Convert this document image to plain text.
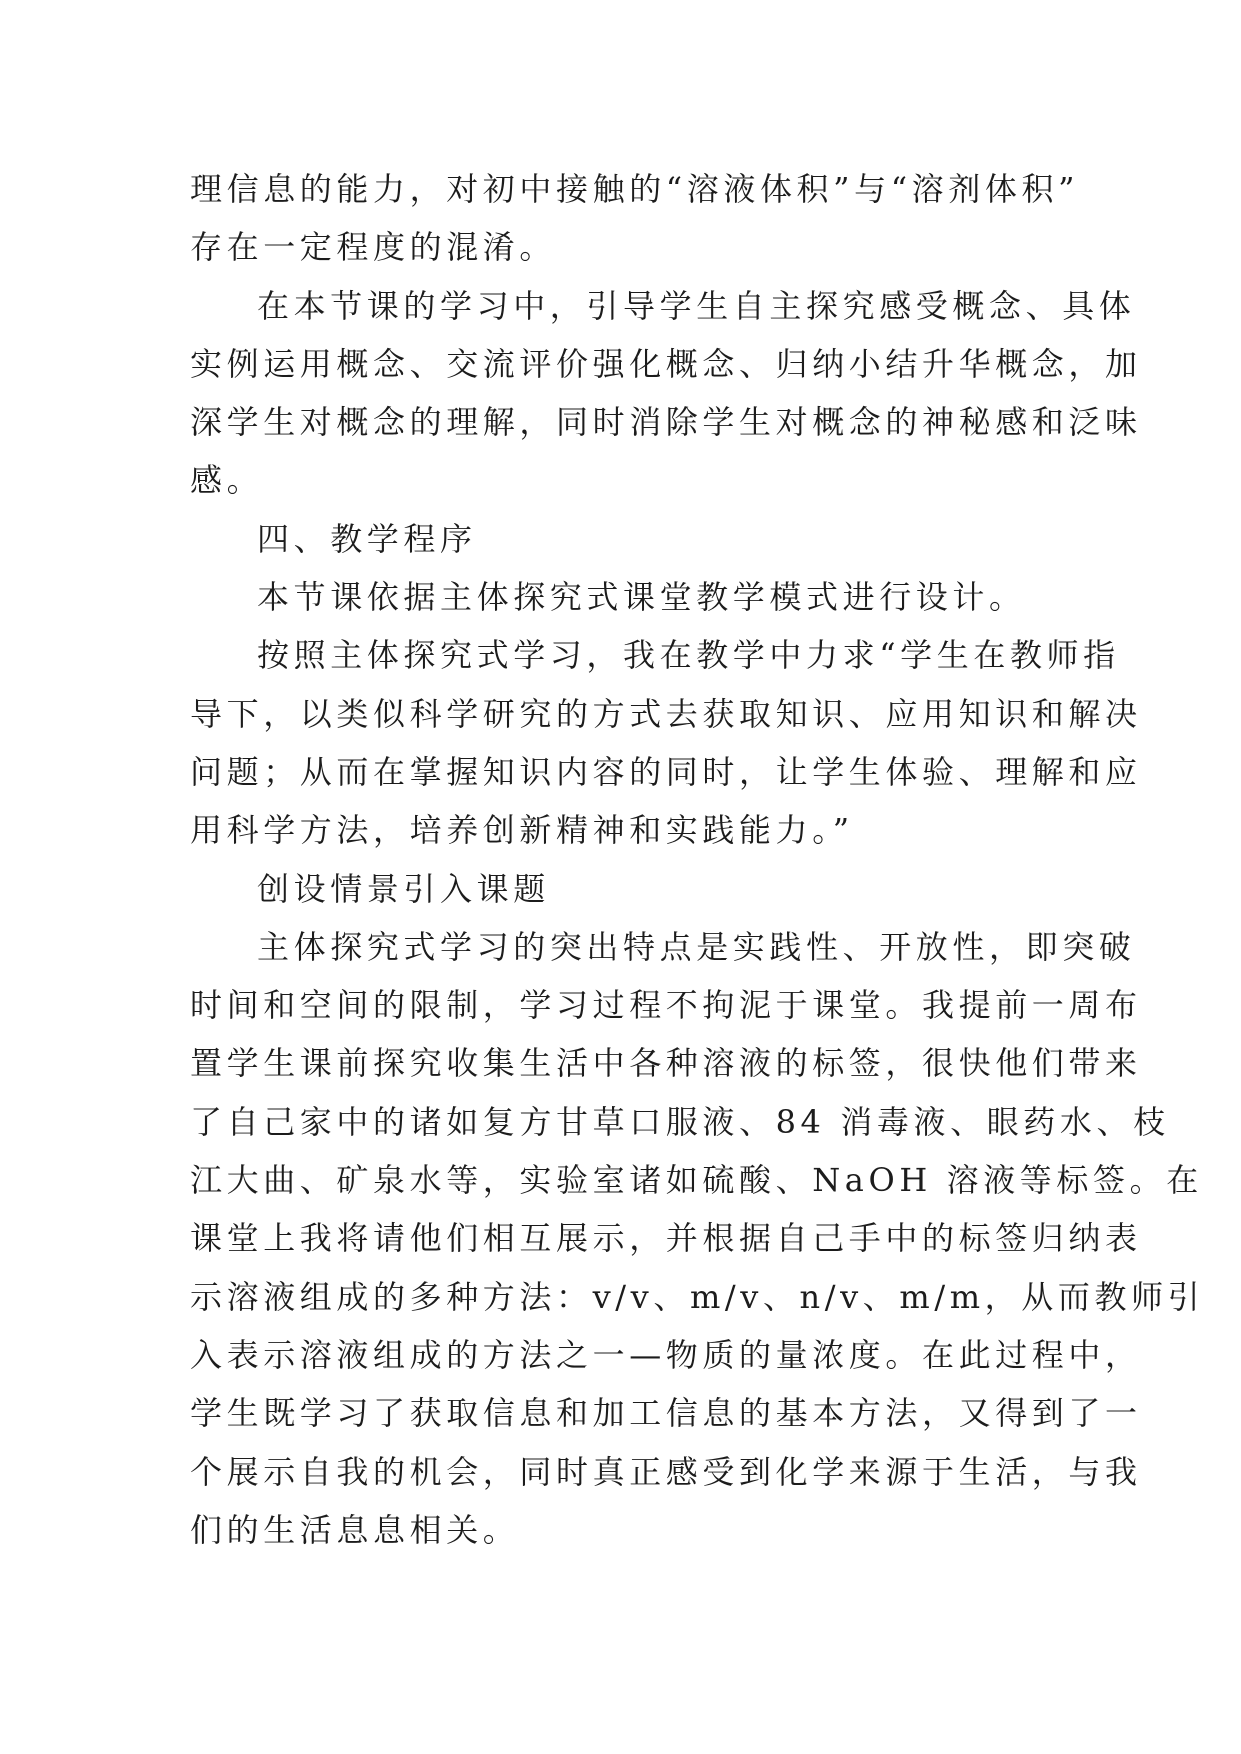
理信息的能力，对初中接触的“溶液体积”与“溶剂体积”
存在一定程度的混淆。
在本节课的学习中，引导学生自主探究感受概念、具体
实例运用概念、交流评价强化概念、归纳小结升华概念，加
深学生对概念的理解，同时消除学生对概念的神秘感和泛味
感。
四、教学程序
本节课依据主体探究式课堂教学模式进行设计。
按照主体探究式学习，我在教学中力求“学生在教师指
导下，以类似科学研究的方式去获取知识、应用知识和解决
问题；从而在掌握知识内容的同时，让学生体验、理解和应
用科学方法，培养创新精神和实践能力。”
创设情景引入课题
主体探究式学习的突出特点是实践性、开放性，即突破
时间和空间的限制，学习过程不拘泥于课堂。我提前一周布
置学生课前探究收集生活中各种溶液的标签，很快他们带来
了自己家中的诸如复方甘草口服液、84 消毒液、眼药水、枝
江大曲、矿泉水等，实验室诸如硫酸、NaOH 溶液等标签。在
课堂上我将请他们相互展示，并根据自己手中的标签归纳表
示溶液组成的多种方法：v/v、m/v、n/v、m/m，从而教师引
入表示溶液组成的方法之一—物质的量浓度。在此过程中，
学生既学习了获取信息和加工信息的基本方法，又得到了一
个展示自我的机会，同时真正感受到化学来源于生活，与我
们的生活息息相关。
